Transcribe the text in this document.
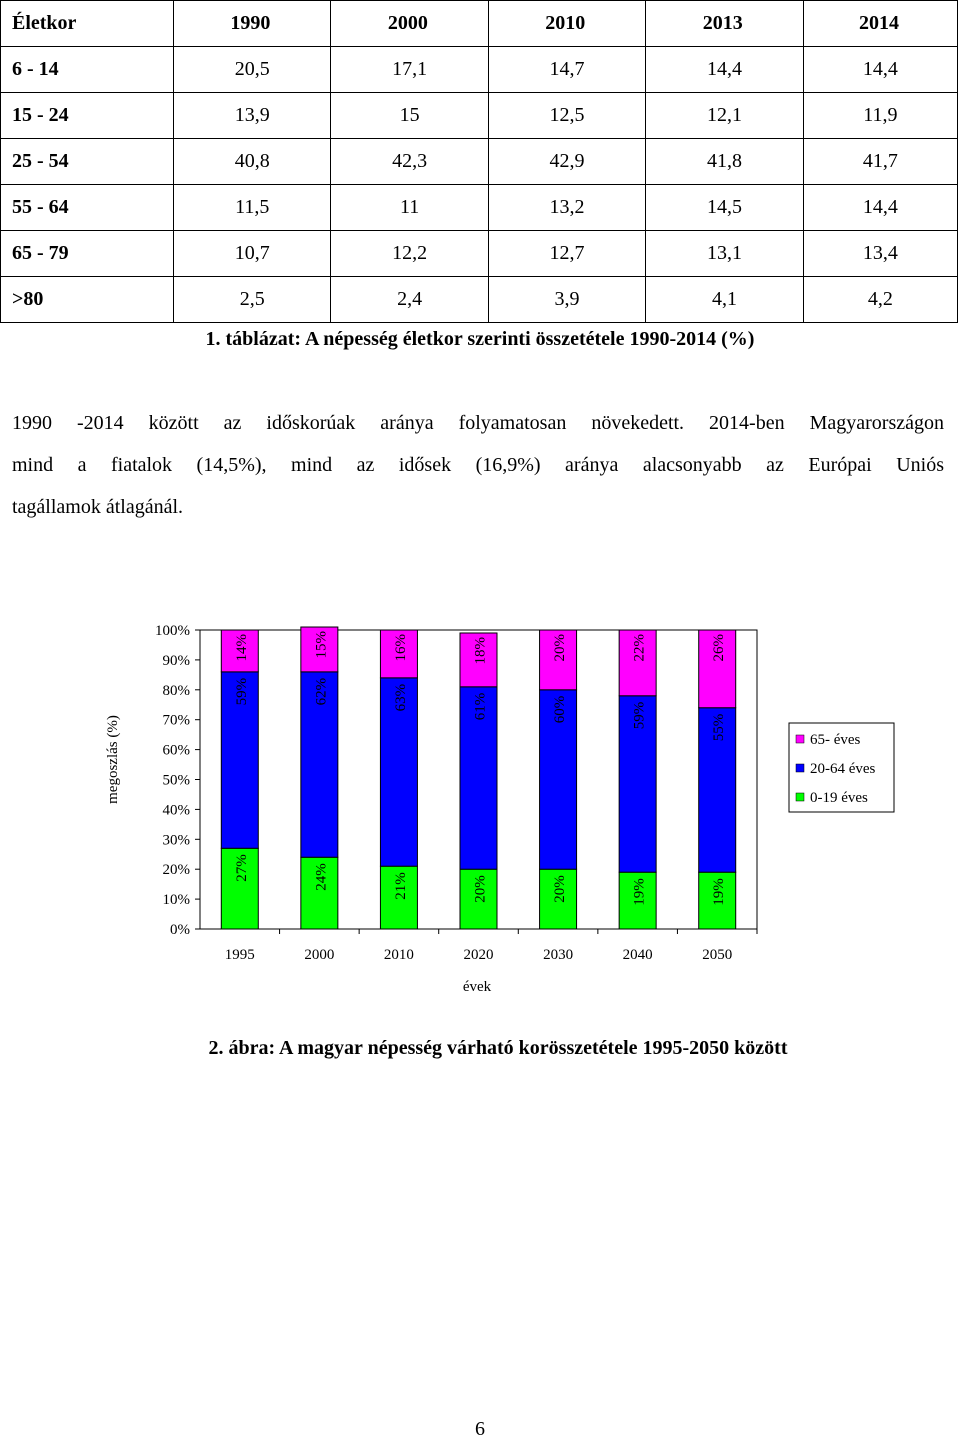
Életkor	1990	2000	2010	2013	2014
6 - 14	20,5	17,1	14,7	14,4	14,4
15 - 24	13,9	15	12,5	12,1	11,9
25 - 54	40,8	42,3	42,9	41,8	41,7
55 - 64	11,5	11	13,2	14,5	14,4
65 - 79	10,7	12,2	12,7	13,1	13,4
>80	2,5	2,4	3,9	4,1	4,2
1. táblázat: A népesség életkor szerinti összetétele 1990-2014 (%)
1990 -2014 között az időskorúak aránya folyamatosan növekedett. 2014-ben Magyarországon
mind a fiatalok (14,5%), mind az idősek (16,9%) aránya alacsonyabb az Európai Uniós
tagállamok átlagánál.
0%
10%
20%
30%
40%
50%
60%
70%
80%
90%
100%
megoszlás (%)
27%
59%
14%
1995
24%
62%
15%
2000
21%
63%
16%
2010
20%
61%
18%
2020
20%
60%
20%
2030
19%
59%
22%
2040
19%
55%
26%
2050
évek
65- éves
20-64 éves
0-19 éves
2. ábra: A magyar népesség várható korösszetétele 1995-2050 között
6
